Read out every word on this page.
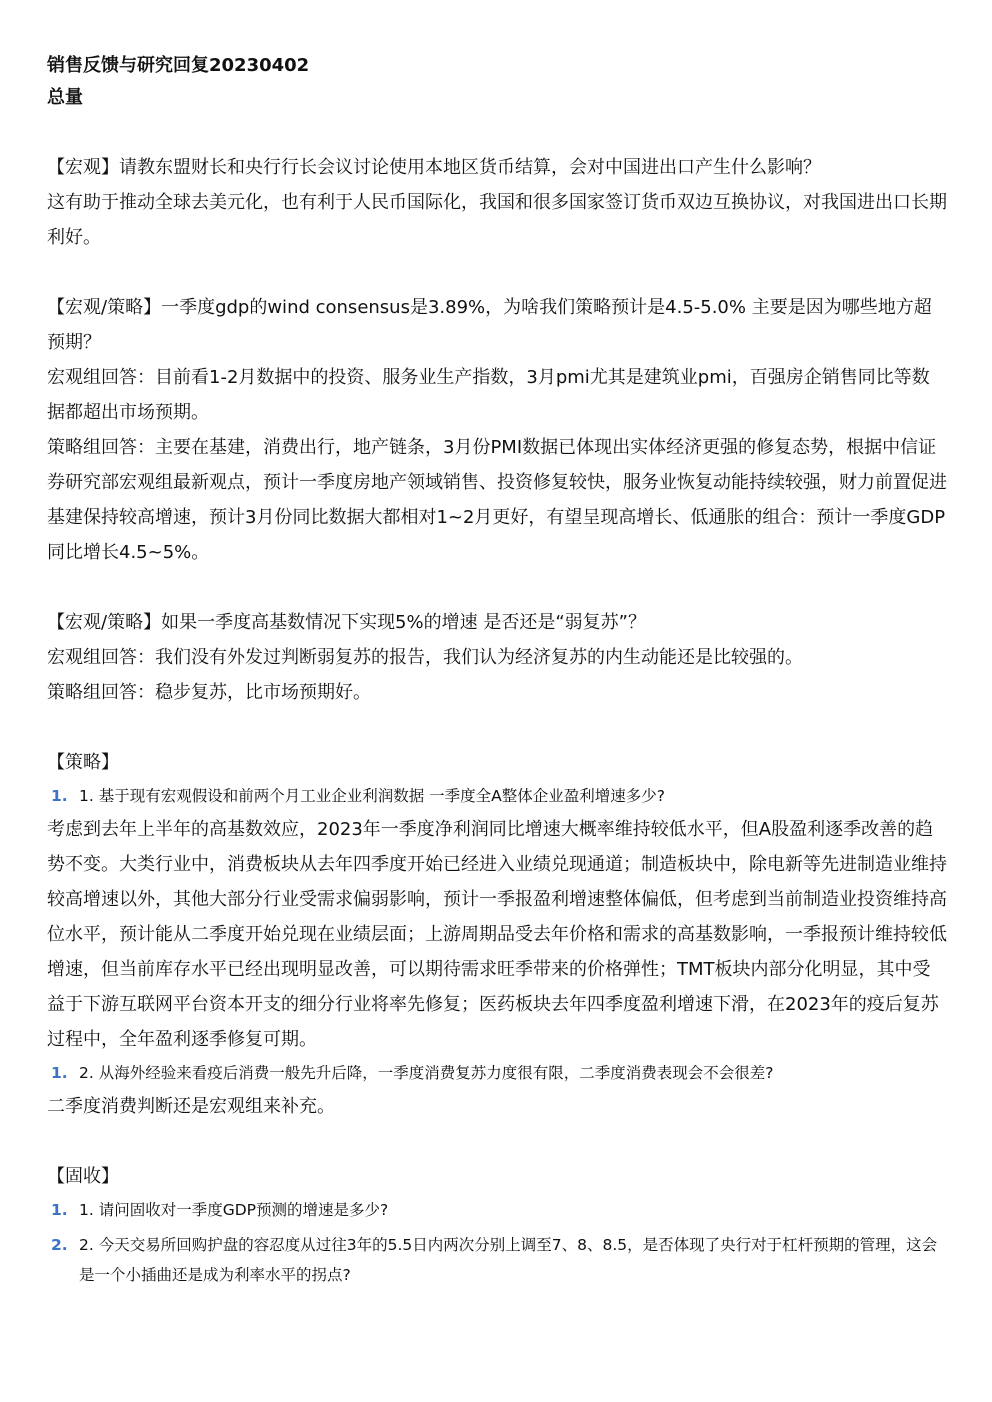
销售反馈与研究回复20230402
总量

【宏观】请教东盟财长和央行行长会议讨论使用本地区货币结算，会对中国进出口产生什么影响？

这有助于推动全球去美元化，也有利于人民币国际化，我国和很多国家签订货币双边互换协议，对我国进出口长期利好。

【宏观/策略】一季度gdp的wind consensus是3.89%，为啥我们策略预计是4.5-5.0% 主要是因为哪些地方超预期？

宏观组回答：目前看1-2月数据中的投资、服务业生产指数，3月pmi尤其是建筑业pmi，百强房企销售同比等数据都超出市场预期。

策略组回答：主要在基建，消费出行，地产链条，3月份PMI数据已体现出实体经济更强的修复态势，根据中信证券研究部宏观组最新观点，预计一季度房地产领域销售、投资修复较快，服务业恢复动能持续较强，财力前置促进基建保持较高增速，预计3月份同比数据大都相对1~2月更好，有望呈现高增长、低通胀的组合：预计一季度GDP同比增长4.5~5%。

【宏观/策略】如果一季度高基数情况下实现5%的增速 是否还是“弱复苏”？

宏观组回答：我们没有外发过判断弱复苏的报告，我们认为经济复苏的内生动能还是比较强的。

策略组回答：稳步复苏，比市场预期好。

【策略】

1. 1. 基于现有宏观假设和前两个月工业企业利润数据 一季度全A整体企业盈利增速多少?

考虑到去年上半年的高基数效应，2023年一季度净利润同比增速大概率维持较低水平，但A股盈利逐季改善的趋势不变。大类行业中，消费板块从去年四季度开始已经进入业绩兑现通道；制造板块中，除电新等先进制造业维持较高增速以外，其他大部分行业受需求偏弱影响，预计一季报盈利增速整体偏低，但考虑到当前制造业投资维持高位水平，预计能从二季度开始兑现在业绩层面；上游周期品受去年价格和需求的高基数影响，一季报预计维持较低增速，但当前库存水平已经出现明显改善，可以期待需求旺季带来的价格弹性；TMT板块内部分化明显，其中受益于下游互联网平台资本开支的细分行业将率先修复；医药板块去年四季度盈利增速下滑，在2023年的疫后复苏过程中，全年盈利逐季修复可期。

1. 2. 从海外经验来看疫后消费一般先升后降，一季度消费复苏力度很有限，二季度消费表现会不会很差?

二季度消费判断还是宏观组来补充。

【固收】

1. 1. 请问固收对一季度GDP预测的增速是多少?
2. 2. 今天交易所回购护盘的容忍度从过往3年的5.5日内两次分别上调至7、8、8.5，是否体现了央行对于杠杆预期的管理，这会是一个小插曲还是成为利率水平的拐点?
